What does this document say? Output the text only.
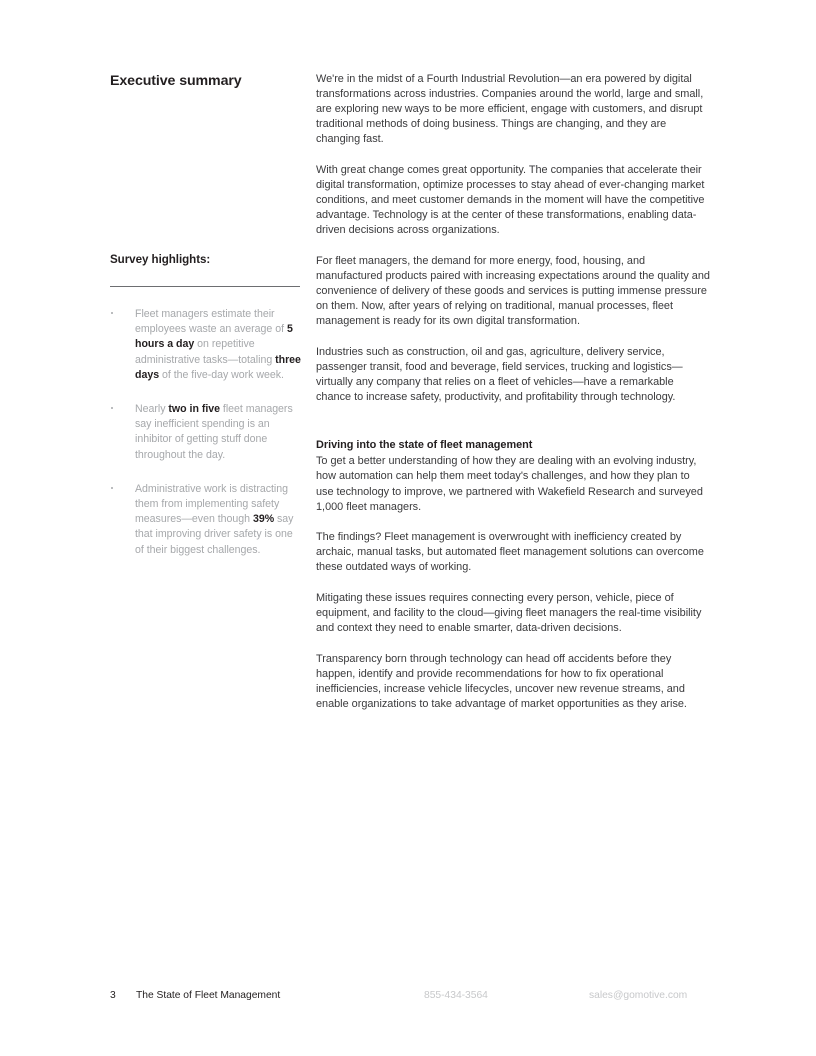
Executive summary
Survey highlights:
Fleet managers estimate their employees waste an average of 5 hours a day on repetitive administrative tasks—totaling three days of the five-day work week.
Nearly two in five fleet managers say inefficient spending is an inhibitor of getting stuff done throughout the day.
Administrative work is distracting them from implementing safety measures—even though 39% say that improving driver safety is one of their biggest challenges.

We're in the midst of a Fourth Industrial Revolution—an era powered by digital transformations across industries. Companies around the world, large and small, are exploring new ways to be more efficient, engage with customers, and disrupt traditional methods of doing business. Things are changing, and they are changing fast.

With great change comes great opportunity. The companies that accelerate their digital transformation, optimize processes to stay ahead of ever-changing market conditions, and meet customer demands in the moment will have the competitive advantage. Technology is at the center of these transformations, enabling data-driven decisions across organizations.

For fleet managers, the demand for more energy, food, housing, and manufactured products paired with increasing expectations around the quality and convenience of delivery of these goods and services is putting immense pressure on them. Now, after years of relying on traditional, manual processes, fleet management is ready for its own digital transformation.

Industries such as construction, oil and gas, agriculture, delivery service, passenger transit, food and beverage, field services, trucking and logistics—virtually any company that relies on a fleet of vehicles—have a remarkable chance to increase safety, productivity, and profitability through technology.

Driving into the state of fleet management

To get a better understanding of how they are dealing with an evolving industry, how automation can help them meet today's challenges, and how they plan to use technology to improve, we partnered with Wakefield Research and surveyed 1,000 fleet managers.

The findings? Fleet management is overwrought with inefficiency created by archaic, manual tasks, but automated fleet management solutions can overcome these outdated ways of working.

Mitigating these issues requires connecting every person, vehicle, piece of equipment, and facility to the cloud—giving fleet managers the real-time visibility and context they need to enable smarter, data-driven decisions.

Transparency born through technology can head off accidents before they happen, identify and provide recommendations for how to fix operational inefficiencies, increase vehicle lifecycles, uncover new revenue streams, and enable organizations to take advantage of market opportunities as they arise.

3 The State of Fleet Management	855-434-3564	sales@gomotive.com
